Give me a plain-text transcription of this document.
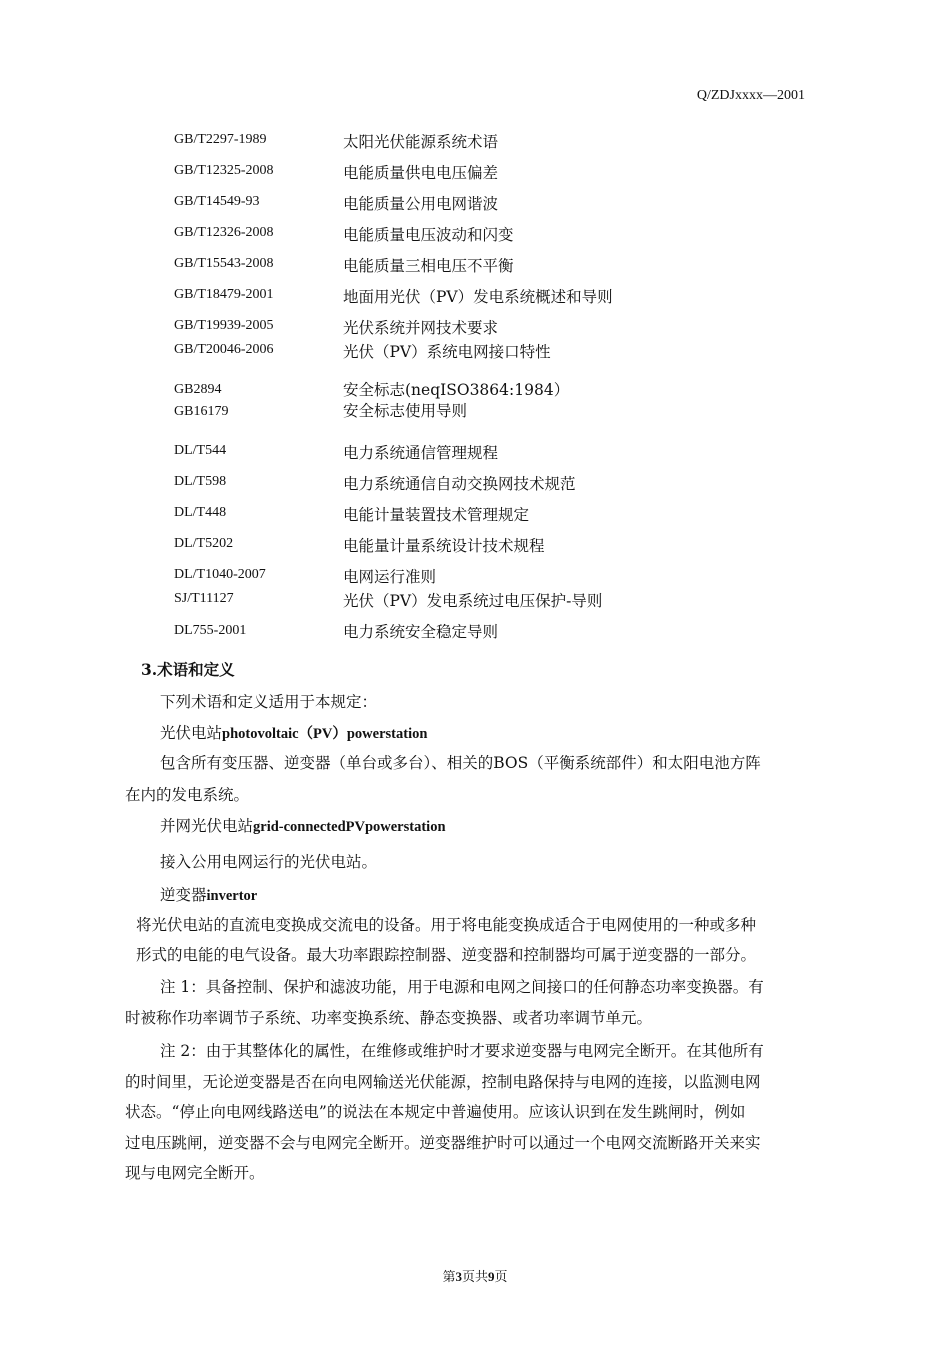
Q/ZDJxxxx—2001
GB/T2297-1989	太阳光伏能源系统术语
GB/T12325-2008	电能质量供电电压偏差
GB/T14549-93	电能质量公用电网谐波
GB/T12326-2008	电能质量电压波动和闪变
GB/T15543-2008	电能质量三相电压不平衡
GB/T18479-2001	地面用光伏（PV）发电系统概述和导则
GB/T19939-2005	光伏系统并网技术要求
GB/T20046-2006	光伏（PV）系统电网接口特性
GB2894	安全标志(neqISO3864:1984）
GB16179	安全标志使用导则
DL/T544	电力系统通信管理规程
DL/T598	电力系统通信自动交换网技术规范
DL/T448	电能计量装置技术管理规定
DL/T5202	电能量计量系统设计技术规程
DL/T1040-2007	电网运行准则
SJ/T11127	光伏（PV）发电系统过电压保护-导则
DL755-2001	电力系统安全稳定导则
3.术语和定义
下列术语和定义适用于本规定：
光伏电站photovoltaic（PV）powerstation
包含所有变压器、逆变器（单台或多台）、相关的BOS（平衡系统部件）和太阳电池方阵
在内的发电系统。
并网光伏电站grid-connectedPVpowerstation
接入公用电网运行的光伏电站。
逆变器invertor
将光伏电站的直流电变换成交流电的设备。用于将电能变换成适合于电网使用的一种或多种
形式的电能的电气设备。最大功率跟踪控制器、逆变器和控制器均可属于逆变器的一部分。
注 1：具备控制、保护和滤波功能，用于电源和电网之间接口的任何静态功率变换器。有
时被称作功率调节子系统、功率变换系统、静态变换器、或者功率调节单元。
注 2：由于其整体化的属性，在维修或维护时才要求逆变器与电网完全断开。在其他所有
的时间里，无论逆变器是否在向电网输送光伏能源，控制电路保持与电网的连接，以监测电网
状态。“停止向电网线路送电”的说法在本规定中普遍使用。应该认识到在发生跳闸时，例如
过电压跳闸，逆变器不会与电网完全断开。逆变器维护时可以通过一个电网交流断路开关来实
现与电网完全断开。
第3页共9页
